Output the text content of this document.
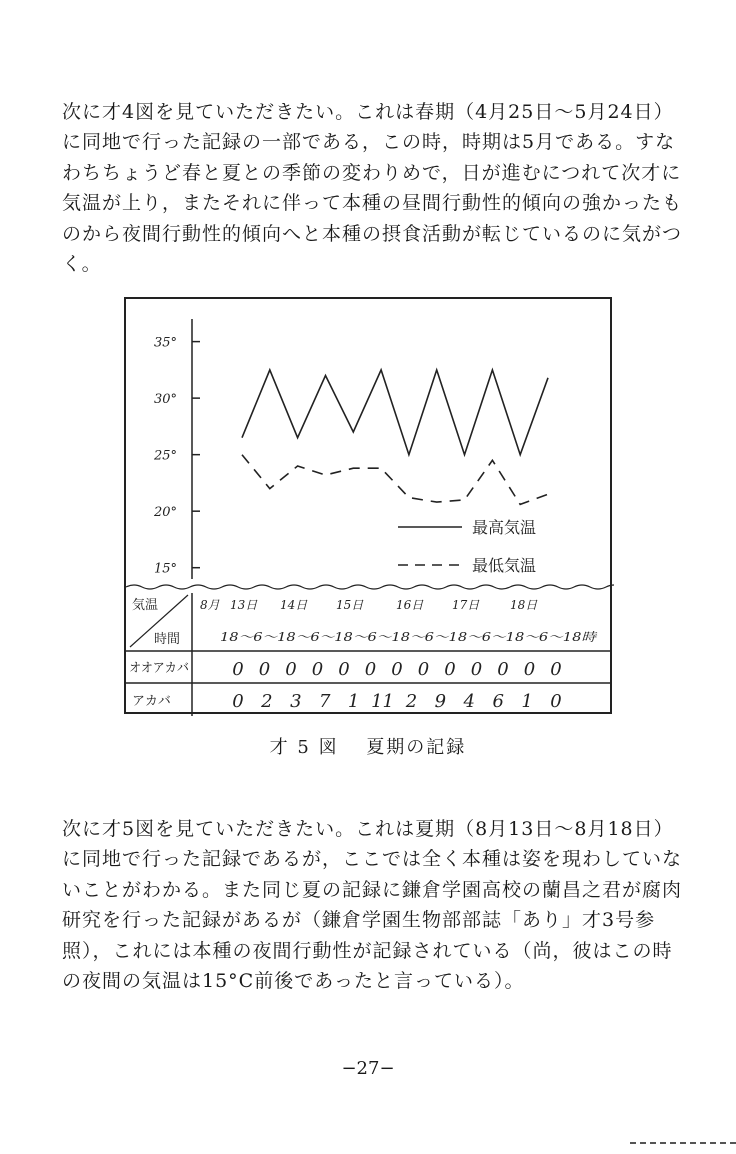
次に才4図を見ていただきたい。これは春期（4月25日〜5月24日）に同地で行った記録の一部である，この時，時期は5月である。すなわちちょうど春と夏との季節の変わりめで，日が進むにつれて次才に気温が上り，またそれに伴って本種の昼間行動性的傾向の強かったものから夜間行動性的傾向へと本種の摂食活動が転じているのに気がつく。

35°
30°
25°
20°
15°
最高気温
最低気温
気温
時間
8月 13日 14日 15日	16日 17日	18日
18〜6〜18〜6〜18〜6〜18〜6〜18〜6〜18〜6〜18時
オオアカバ
アカバ
0 0 0 0 0 0 0 0 0 0 0 0 0
0 2 3 7 1 11 2 9 4 6 1 0
才 5 図 夏期の記録

次に才5図を見ていただきたい。これは夏期（8月13日〜8月18日）に同地で行った記録であるが，ここでは全く本種は姿を現わしていないことがわかる。また同じ夏の記録に鎌倉学園高校の蘭昌之君が腐肉研究を行った記録があるが（鎌倉学園生物部部誌「あり」才3号参照），これには本種の夜間行動性が記録されている（尚，彼はこの時の夜間の気温は15°C前後であったと言っている）。

−27−
